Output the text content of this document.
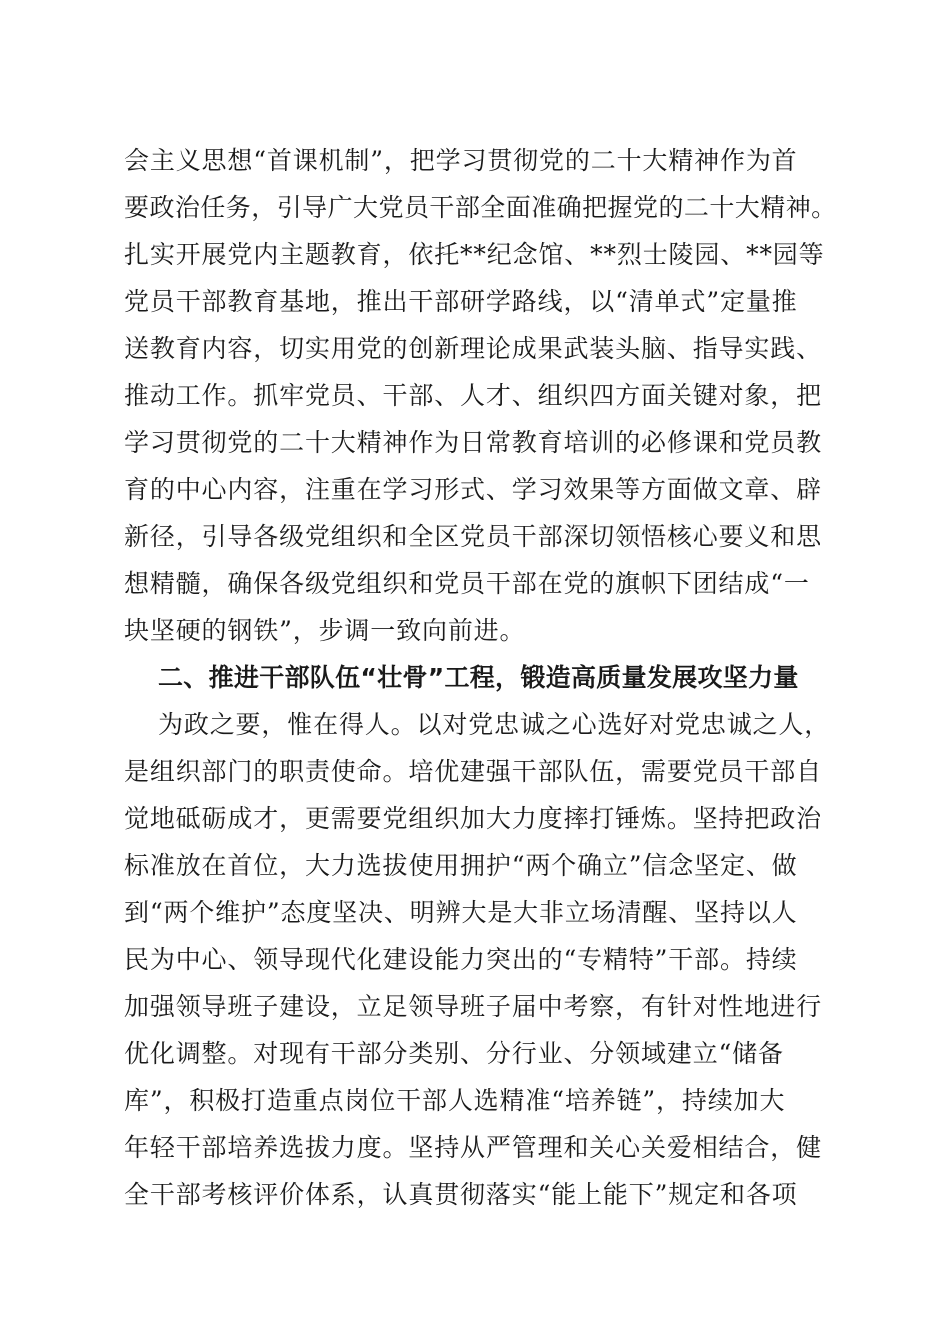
会主义思想“首课机制”，把学习贯彻党的二十大精神作为首
要政治任务，引导广大党员干部全面准确把握党的二十大精神。
扎实开展党内主题教育，依托**纪念馆、**烈士陵园、**园等
党员干部教育基地，推出干部研学路线，以“清单式”定量推
送教育内容，切实用党的创新理论成果武装头脑、指导实践、
推动工作。抓牢党员、干部、人才、组织四方面关键对象，把
学习贯彻党的二十大精神作为日常教育培训的必修课和党员教
育的中心内容，注重在学习形式、学习效果等方面做文章、辟
新径，引导各级党组织和全区党员干部深切领悟核心要义和思
想精髓，确保各级党组织和党员干部在党的旗帜下团结成“一
块坚硬的钢铁”，步调一致向前进。
二、推进干部队伍“壮骨”工程，锻造高质量发展攻坚力量
为政之要，惟在得人。以对党忠诚之心选好对党忠诚之人，
是组织部门的职责使命。培优建强干部队伍，需要党员干部自
觉地砥砺成才，更需要党组织加大力度摔打锤炼。坚持把政治
标准放在首位，大力选拔使用拥护“两个确立”信念坚定、做
到“两个维护”态度坚决、明辨大是大非立场清醒、坚持以人
民为中心、领导现代化建设能力突出的“专精特”干部。持续
加强领导班子建设，立足领导班子届中考察，有针对性地进行
优化调整。对现有干部分类别、分行业、分领域建立“储备
库”，积极打造重点岗位干部人选精准“培养链”，持续加大
年轻干部培养选拔力度。坚持从严管理和关心关爱相结合，健
全干部考核评价体系，认真贯彻落实“能上能下”规定和各项
